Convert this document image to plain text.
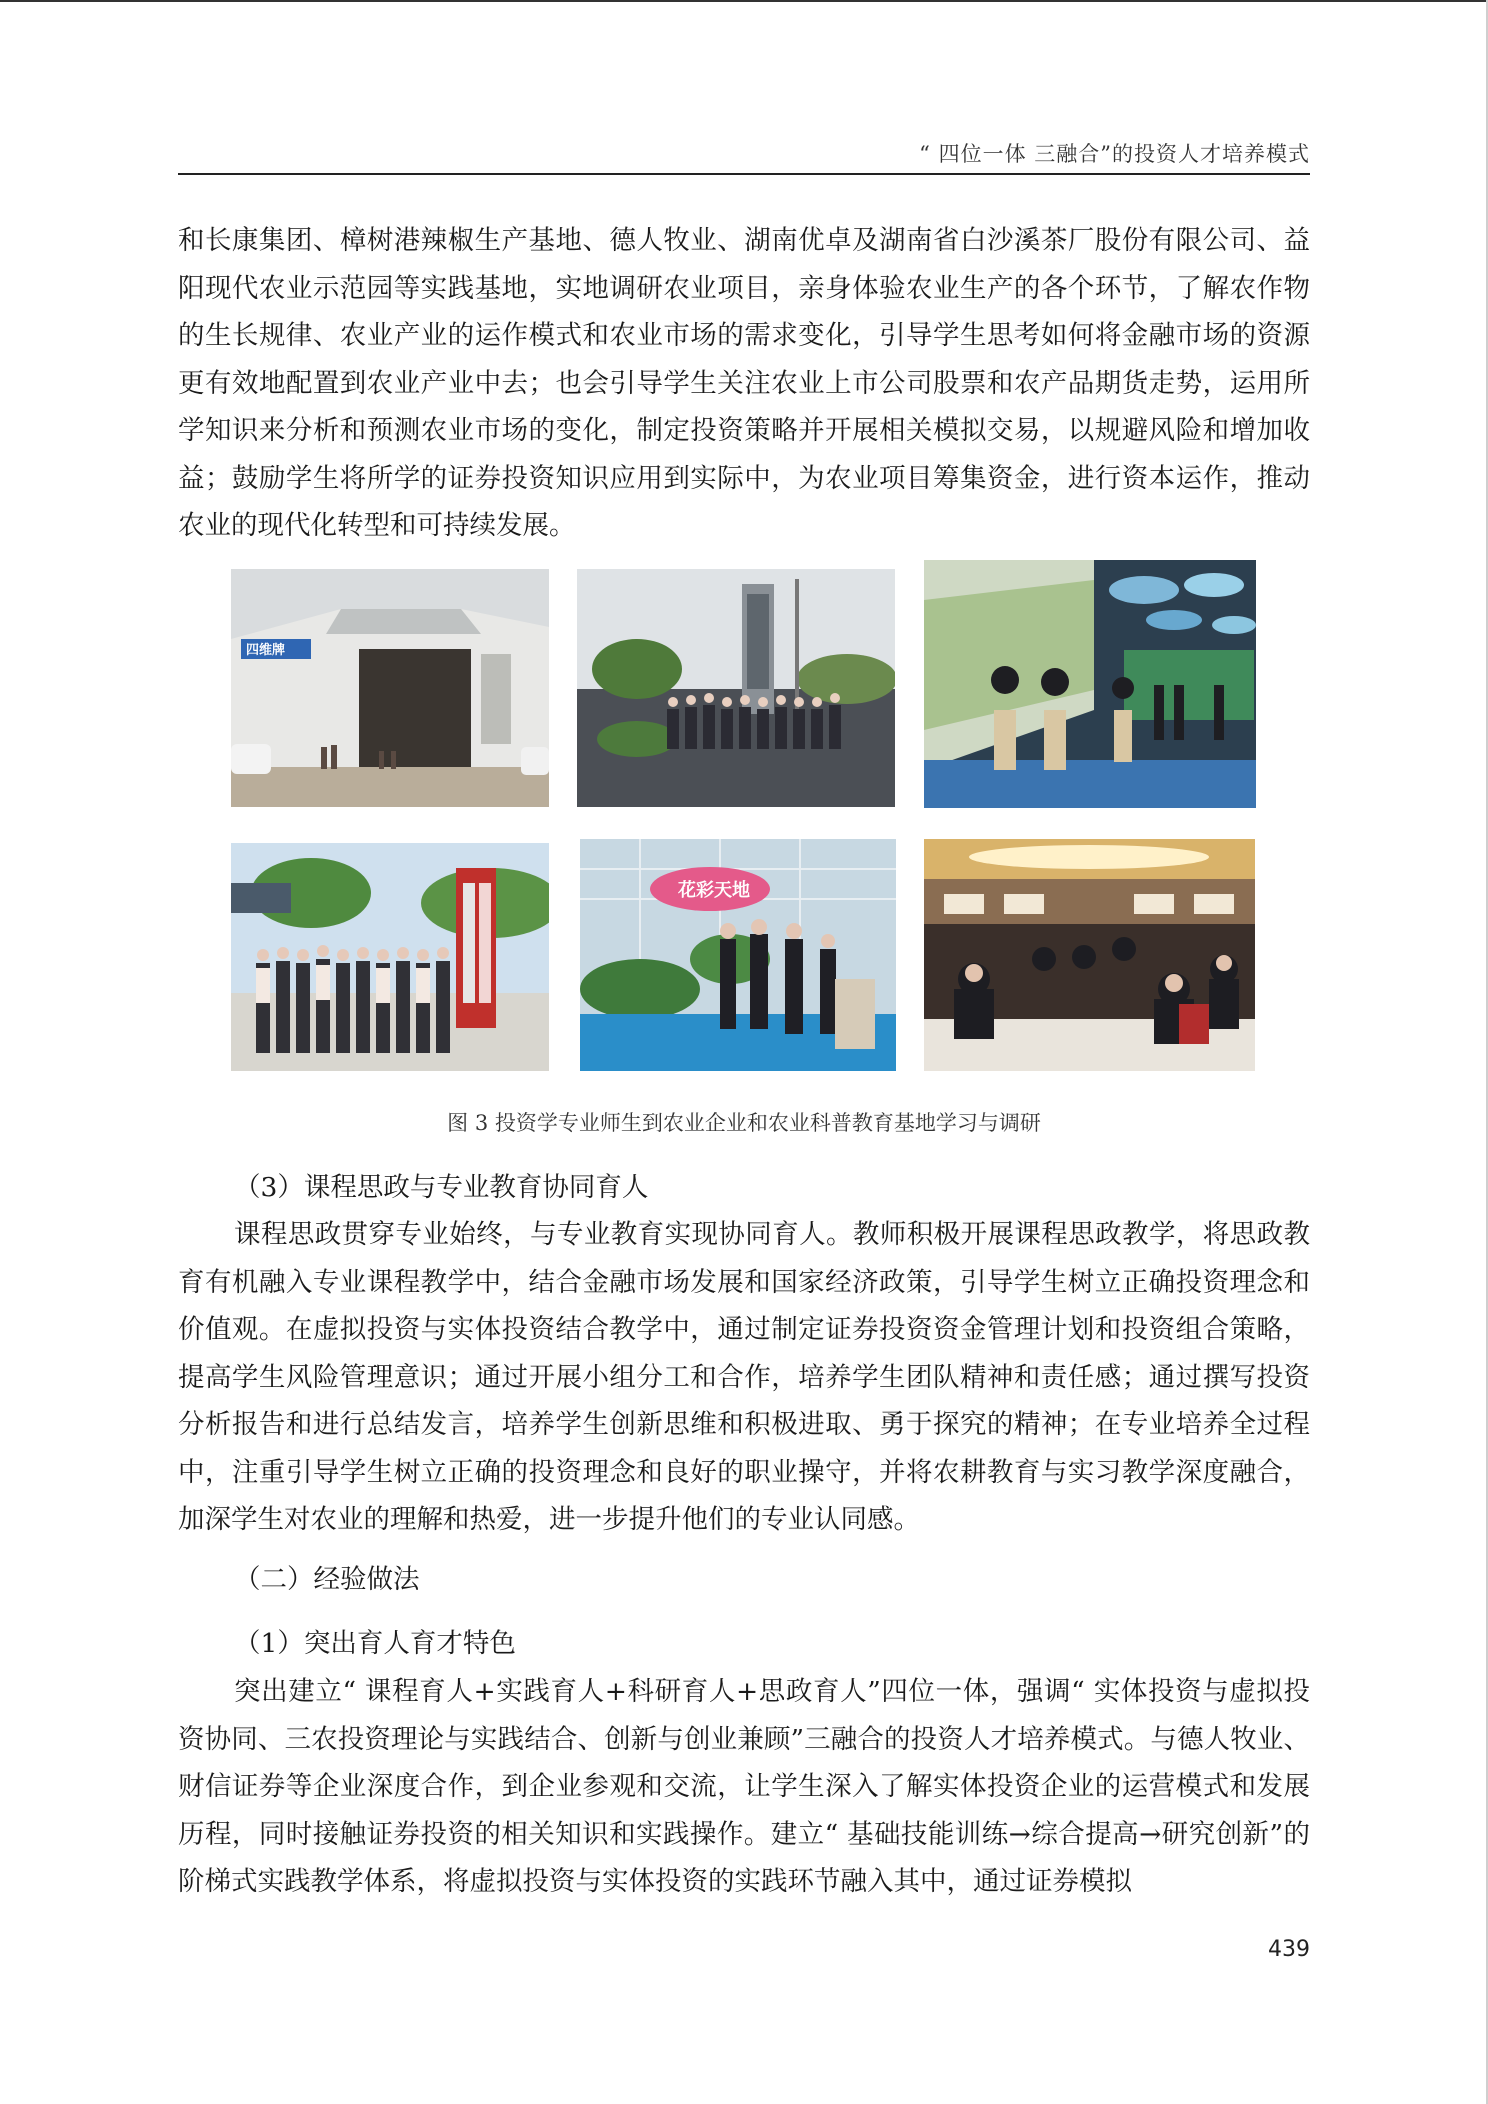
“ 四位一体 三融合”的投资人才培养模式

和长康集团、樟树港辣椒生产基地、德人牧业、湖南优卓及湖南省白沙溪茶厂股份有限公司、益阳现代农业示范园等实践基地，实地调研农业项目，亲身体验农业生产的各个环节，了解农作物的生长规律、农业产业的运作模式和农业市场的需求变化，引导学生思考如何将金融市场的资源更有效地配置到农业产业中去；也会引导学生关注农业上市公司股票和农产品期货走势，运用所学知识来分析和预测农业市场的变化，制定投资策略并开展相关模拟交易，以规避风险和增加收益；鼓励学生将所学的证券投资知识应用到实际中，为农业项目筹集资金，进行资本运作，推动农业的现代化转型和可持续发展。

四维牌
花彩天地
图 3 投资学专业师生到农业企业和农业科普教育基地学习与调研

（3）课程思政与专业教育协同育人

课程思政贯穿专业始终，与专业教育实现协同育人。教师积极开展课程思政教学，将思政教育有机融入专业课程教学中，结合金融市场发展和国家经济政策，引导学生树立正确投资理念和价值观。在虚拟投资与实体投资结合教学中，通过制定证券投资资金管理计划和投资组合策略，提高学生风险管理意识；通过开展小组分工和合作，培养学生团队精神和责任感；通过撰写投资分析报告和进行总结发言，培养学生创新思维和积极进取、勇于探究的精神；在专业培养全过程中，注重引导学生树立正确的投资理念和良好的职业操守，并将农耕教育与实习教学深度融合，加深学生对农业的理解和热爱，进一步提升他们的专业认同感。

（二）经验做法

（1）突出育人育才特色

突出建立“ 课程育人+实践育人+科研育人+思政育人”四位一体，强调“ 实体投资与虚拟投资协同、三农投资理论与实践结合、创新与创业兼顾”三融合的投资人才培养模式。与德人牧业、财信证券等企业深度合作，到企业参观和交流，让学生深入了解实体投资企业的运营模式和发展历程，同时接触证券投资的相关知识和实践操作。建立“ 基础技能训练→综合提高→研究创新”的阶梯式实践教学体系，将虚拟投资与实体投资的实践环节融入其中，通过证券模拟

439
